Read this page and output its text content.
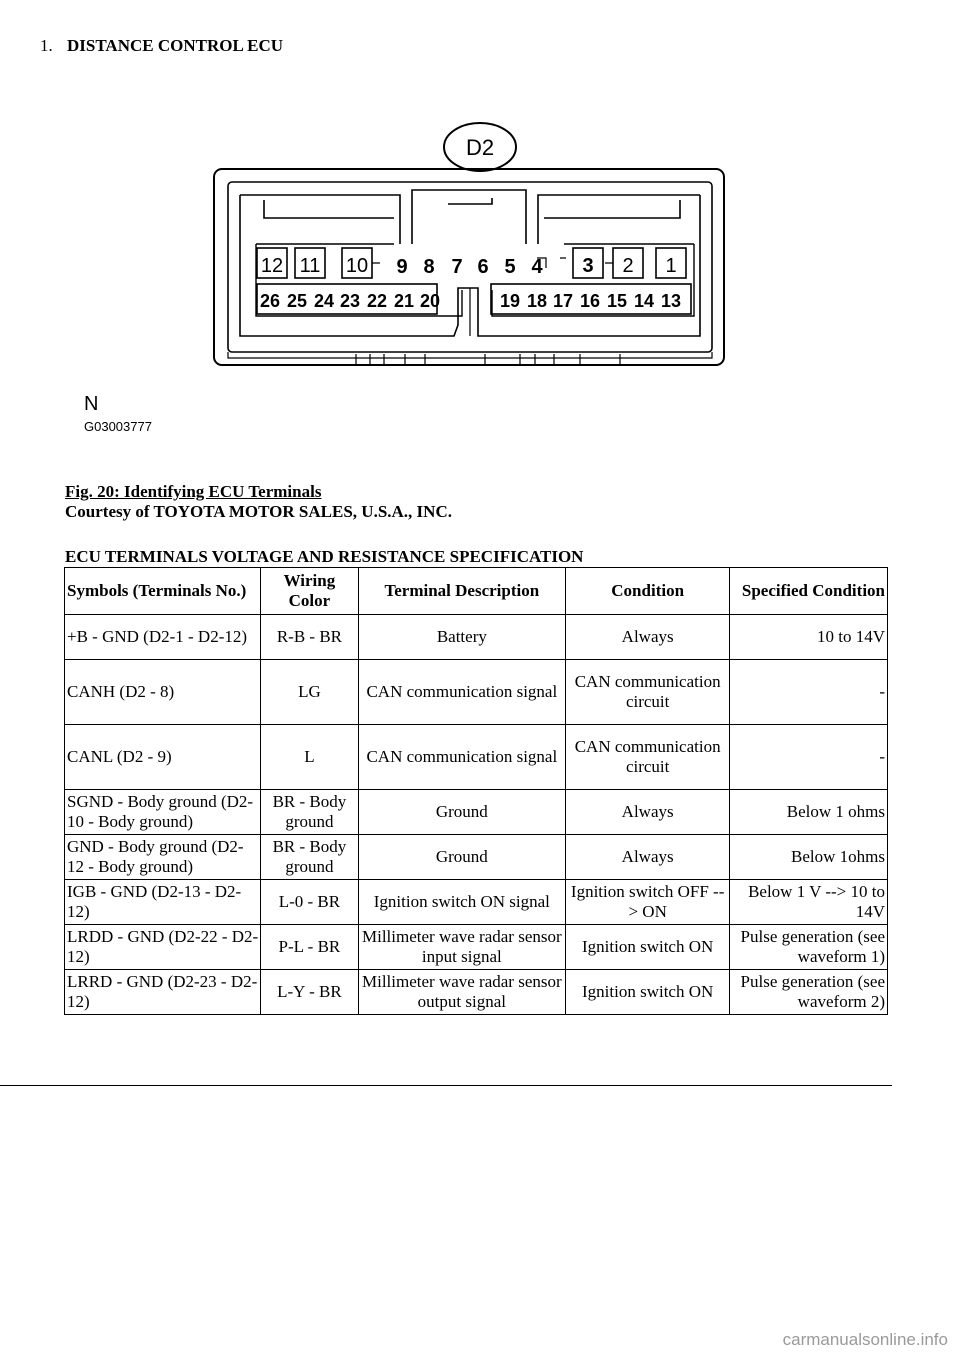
1. DISTANCE CONTROL ECU
12 11 10 9 8 7 6 5 4 3 2 1
26 25 24 23 22 21 20	19 18 17 16 15 14 13
D2
N
G03003777
Fig. 20: Identifying ECU Terminals
Courtesy of TOYOTA MOTOR SALES, U.S.A., INC.
ECU TERMINALS VOLTAGE AND RESISTANCE SPECIFICATION
Symbols (Terminals No.)	Wiring Color	Terminal Description	Condition	Specified Condition
+B - GND (D2-1 - D2-12)	R-B - BR	Battery	Always	10 to 14V
CANH (D2 - 8)	LG	CAN communication signal	CAN communication circuit	-
CANL (D2 - 9)	L	CAN communication signal	CAN communication circuit	-
SGND - Body ground (D2-10 - Body ground)	BR - Body ground	Ground	Always	Below 1 ohms
GND - Body ground (D2-12 - Body ground)	BR - Body ground	Ground	Always	Below 1ohms
IGB - GND (D2-13 - D2-12)	L-0 - BR	Ignition switch ON signal	Ignition switch OFF --> ON	Below 1 V --> 10 to 14V
LRDD - GND (D2-22 - D2-12)	P-L - BR	Millimeter wave radar sensor input signal	Ignition switch ON	Pulse generation (see waveform 1)
LRRD - GND (D2-23 - D2-12)	L-Y - BR	Millimeter wave radar sensor output signal	Ignition switch ON	Pulse generation (see waveform 2)
carmanualsonline.info
